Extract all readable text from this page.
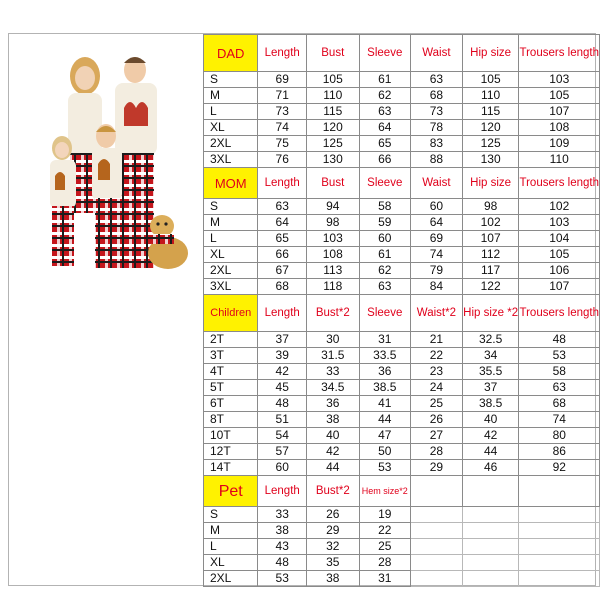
DAD	Length	Bust	Sleeve	Waist	Hip size	Trousers length
S	69	105	61	63	105	103
M	71	110	62	68	110	105
L	73	115	63	73	115	107
XL	74	120	64	78	120	108
2XL	75	125	65	83	125	109
3XL	76	130	66	88	130	110
MOM	Length	Bust	Sleeve	Waist	Hip size	Trousers length
S	63	94	58	60	98	102
M	64	98	59	64	102	103
L	65	103	60	69	107	104
XL	66	108	61	74	112	105
2XL	67	113	62	79	117	106
3XL	68	118	63	84	122	107
Children	Length	Bust*2	Sleeve	Waist*2	Hip size *2	Trousers length
2T	37	30	31	21	32.5	48
3T	39	31.5	33.5	22	34	53
4T	42	33	36	23	35.5	58
5T	45	34.5	38.5	24	37	63
6T	48	36	41	25	38.5	68
8T	51	38	44	26	40	74
10T	54	40	47	27	42	80
12T	57	42	50	28	44	86
14T	60	44	53	29	46	92
Pet	Length	Bust*2	Hem size*2			
S	33	26	19			
M	38	29	22			
L	43	32	25			
XL	48	35	28			
2XL	53	38	31			
